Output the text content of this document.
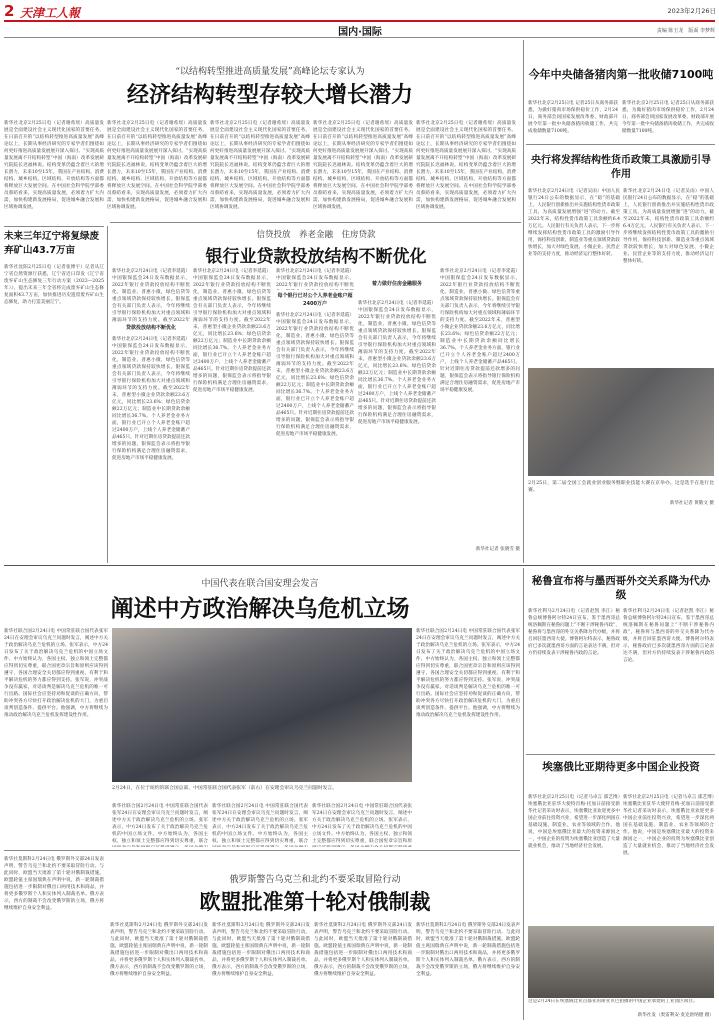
2 天津工人報	2023年2月26日
国内·国际	责编 陈玉龙　版面 李梦辉
“以结构转型推进高质量发展”高峰论坛专家认为
经济结构转型存较大增长潜力
新华社北京2月25日电（记者谢希瑶）高质量发展是全面建设社会主义现代化国家的首要任务。在日前召开的“以结构转型推进高质量发展”高峰论坛上，长期从事经济研究的专家学者们围绕如何更好推进高质量发展展开深入探讨。“实现高质量发展离不开结构转型”中国（海南）改革发展研究院院长迟福林说。结构变革仍蕴含着巨大的增长潜力，未来10至15年，我国在产业结构、消费结构、城乡结构、区域结构、开放结构等方面都将释放巨大发展空间。在中国社会科学院学部委员蔡昉看来，实现高质量发展，必须着力扩大内需，加快构建新发展格局，促进城乡融合发展和区域协调发展。
新华社北京2月25日电（记者谢希瑶）高质量发展是全面建设社会主义现代化国家的首要任务。在日前召开的“以结构转型推进高质量发展”高峰论坛上，长期从事经济研究的专家学者们围绕如何更好推进高质量发展展开深入探讨。“实现高质量发展离不开结构转型”中国（海南）改革发展研究院院长迟福林说。结构变革仍蕴含着巨大的增长潜力，未来10至15年，我国在产业结构、消费结构、城乡结构、区域结构、开放结构等方面都将释放巨大发展空间。在中国社会科学院学部委员蔡昉看来，实现高质量发展，必须着力扩大内需，加快构建新发展格局，促进城乡融合发展和区域协调发展。
新华社北京2月25日电（记者谢希瑶）高质量发展是全面建设社会主义现代化国家的首要任务。在日前召开的“以结构转型推进高质量发展”高峰论坛上，长期从事经济研究的专家学者们围绕如何更好推进高质量发展展开深入探讨。“实现高质量发展离不开结构转型”中国（海南）改革发展研究院院长迟福林说。结构变革仍蕴含着巨大的增长潜力，未来10至15年，我国在产业结构、消费结构、城乡结构、区域结构、开放结构等方面都将释放巨大发展空间。在中国社会科学院学部委员蔡昉看来，实现高质量发展，必须着力扩大内需，加快构建新发展格局，促进城乡融合发展和区域协调发展。
新华社北京2月25日电（记者谢希瑶）高质量发展是全面建设社会主义现代化国家的首要任务。在日前召开的“以结构转型推进高质量发展”高峰论坛上，长期从事经济研究的专家学者们围绕如何更好推进高质量发展展开深入探讨。“实现高质量发展离不开结构转型”中国（海南）改革发展研究院院长迟福林说。结构变革仍蕴含着巨大的增长潜力，未来10至15年，我国在产业结构、消费结构、城乡结构、区域结构、开放结构等方面都将释放巨大发展空间。在中国社会科学院学部委员蔡昉看来，实现高质量发展，必须着力扩大内需，加快构建新发展格局，促进城乡融合发展和区域协调发展。
新华社北京2月25日电（记者谢希瑶）高质量发展是全面建设社会主义现代化国家的首要任务。在日前召开的“以结构转型推进高质量发展”高峰论坛上，长期从事经济研究的专家学者们围绕如何更好推进高质量发展展开深入探讨。“实现高质量发展离不开结构转型”中国（海南）改革发展研究院院长迟福林说。结构变革仍蕴含着巨大的增长潜力，未来10至15年，我国在产业结构、消费结构、城乡结构、区域结构、开放结构等方面都将释放巨大发展空间。在中国社会科学院学部委员蔡昉看来，实现高质量发展，必须着力扩大内需，加快构建新发展格局，促进城乡融合发展和区域协调发展。
今年中央储备猪肉第一批收储7100吨
新华社北京2月25日电 记者25日从商务部获悉，为做好猪肉市场保供稳价工作，2月24日，商务部会同国家发展改革委、财政部开展今年第一批中央储备猪肉收储工作，共完成收储数量7100吨。
新华社北京2月25日电 记者25日从商务部获悉，为做好猪肉市场保供稳价工作，2月24日，商务部会同国家发展改革委、财政部开展今年第一批中央储备猪肉收储工作，共完成收储数量7100吨。
央行将发挥结构性货币政策工具激励引导作用
新华社北京2月24日电（记者吴雨）中国人民银行24日公布的数据显示，在“稳”的基础上，人民银行创新推出并实施结构性货币政策工具，为高质量发展增强“进”的动力。截至2022年末，结构性货币政策工具余额约6.4万亿元。人民银行有关负责人表示，下一步将继续发挥结构性货币政策工具的激励引导作用，保持科技创新、制造业等重点领域贷款较快增长，加大对绿色发展、小微企业、民营企业等的支持力度，推动经济运行整体好转。
新华社北京2月24日电（记者吴雨）中国人民银行24日公布的数据显示，在“稳”的基础上，人民银行创新推出并实施结构性货币政策工具，为高质量发展增强“进”的动力。截至2022年末，结构性货币政策工具余额约6.4万亿元。人民银行有关负责人表示，下一步将继续发挥结构性货币政策工具的激励引导作用，保持科技创新、制造业等重点领域贷款较快增长，加大对绿色发展、小微企业、民营企业等的支持力度，推动经济运行整体好转。
2月25日，第二届全国工会就业创业服务暨职业技能大赛在京举办。这是选手在进行比赛。
新华社记者 黄敬文 摄
未来三年辽宁将复绿废弃矿山43.7万亩
新华社沈阳2月25日电（记者张博宇）记者从辽宁省自然资源厅获悉，辽宁省近日印发《辽宁省废弃矿山生态修复三年行动方案（2023—2025年）》，提出未来三年全省将完成废弃矿山生态修复面积43.7万亩，加快推进历史遗留废弃矿山生态修复，助力打造美丽辽宁。
信贷投放　养老金融　住房贷款
银行业贷款投放结构不断优化
新华社北京2月24日电（记者李延霞）中国银保监会24日发布数据显示，2022年银行业贷款投放结构不断优化，制造业、普惠小微、绿色信贷等重点领域贷款保持较快增长。银保监会有关部门负责人表示，今年将继续引导银行保险机构加大对重点领域和薄弱环节的支持力度。截至2022年
贷款投放结构不断优化
新华社北京2月24日电（记者李延霞）中国银保监会24日发布数据显示，2022年银行业贷款投放结构不断优化，制造业、普惠小微、绿色信贷等重点领域贷款保持较快增长。银保监会有关部门负责人表示，今年将继续引导银行保险机构加大对重点领域和薄弱环节的支持力度。截至2022年末，普惠型小微企业贷款余额23.6万亿元，同比增长23.6%；绿色信贷余额22万亿元；制造业中长期贷款余额同比增长36.7%。个人养老金业务方面，银行业已开立个人养老金账户超过2400万户，上线个人养老金储蓄产品465只。针对近期住房贷款提前还款增多的问题，银保监会表示将指导银行保险机构满足合理住房融资需求，促进房地产市场平稳健康发展。
新华社北京2月24日电（记者李延霞）中国银保监会24日发布数据显示，2022年银行业贷款投放结构不断优化，制造业、普惠小微、绿色信贷等重点领域贷款保持较快增长。银保监会有关部门负责人表示，今年将继续引导银行保险机构加大对重点领域和薄弱环节的支持力度。截至2022年末，普惠型小微企业贷款余额23.6万亿元，同比增长23.6%；绿色信贷余额22万亿元；制造业中长期贷款余额同比增长36.7%。个人养老金业务方面，银行业已开立个人养老金账户超过2400万户，上线个人养老金储蓄产品465只。针对近期住房贷款提前还款增多的问题，银保监会表示将指导银行保险机构满足合理住房融资需求，促进房地产市场平稳健康发展。
每个银行已对公个人养老金账户超2400万户
新华社北京2月24日电（记者李延霞）中国银保监会24日发布数据显示，2022年银行业贷款投放结构不断优
新华社北京2月24日电（记者李延霞）中国银保监会24日发布数据显示，2022年银行业贷款投放结构不断优化，制造业、普惠小微、绿色信贷等重点领域贷款保持较快增长。银保监会有关部门负责人表示，今年将继续引导银行保险机构加大对重点领域和薄弱环节的支持力度。截至2022年末，普惠型小微企业贷款余额23.6万亿元，同比增长23.6%；绿色信贷余额22万亿元；制造业中长期贷款余额同比增长36.7%。个人养老金业务方面，银行业已开立个人养老金账户超过2400万户，上线个人养老金储蓄产品465只。针对近期住房贷款提前还款增多的问题，银保监会表示将指导银行保险机构满足合理住房融资需求，促进房地产市场平稳健康发展。
着力做好住房金融服务
新华社北京2月24日电（记者李延霞）中国银保监会24日发布数据显示，2022年银行业贷款投放结构不断优化，制造业、普惠小微、绿色信贷等重点领域贷款保持较快增长。银保监会有关部门负责人表示，今年将继续引导银行保险机构加大对重点领域和薄弱环节的支持力度。截至2022年末，普惠型小微企业贷款余额23.6万亿元，同比增长23.6%；绿色信贷余额22万亿元；制造业中长期贷款余额同比增长36.7%。个人养老金业务方面，银行业已开立个人养老金账户超过2400万户，上线个人养老金储蓄产品465只。针对近期住房贷款提前还款增多的问题，银保监会表示将指导银行保险机构满足合理住房融资需求，促进房地产市场平稳健康发展。
新华社北京2月24日电（记者李延霞）中国银保监会24日发布数据显示，2022年银行业贷款投放结构不断优化，制造业、普惠小微、绿色信贷等重点领域贷款保持较快增长。银保监会有关部门负责人表示，今年将继续引导银行保险机构加大对重点领域和薄弱环节的支持力度。截至2022年末，普惠型小微企业贷款余额23.6万亿元，同比增长23.6%；绿色信贷余额22万亿元；制造业中长期贷款余额同比增长36.7%。个人养老金业务方面，银行业已开立个人养老金账户超过2400万户，上线个人养老金储蓄产品465只。针对近期住房贷款提前还款增多的问题，银保监会表示将指导银行保险机构满足合理住房融资需求，促进房地产市场平稳健康发展。
新华社记者 张晓雪 摄
中国代表在联合国安理会发言
阐述中方政治解决乌危机立场
新华社联合国2月24日电 中国常驻联合国代表张军24日在安理会审议乌克兰问题时发言，阐述中方关于政治解决乌克兰危机的立场。张军表示，中方24日发布了关于政治解决乌克兰危机的中国立场文件。中方始终认为，各国主权、独立和领土完整都应得到切实尊重，联合国宪章宗旨和原则应该得到遵守，各国合理安全关切都应得到重视，有利于和平解决危机的努力都应得到支持。张军说，冲突战争没有赢家，对话谈判是解决乌克兰危机的唯一可行出路。国际社会应坚持劝和促谈的正确方向，帮助冲突各方尽快打开政治解决危机的大门，为重启谈判创造条件、提供平台。他强调，中方将继续为推动政治解决乌克兰危机发挥建设性作用。
2月24日，在位于纽约的联合国总部，中国常驻联合国代表张军（前右）在安理会审议乌克兰问题时发言。
新华社联合国2月24日电 中国常驻联合国代表张军24日在安理会审议乌克兰问题时发言，阐述中方关于政治解决乌克兰危机的立场。张军表示，中方24日发布了关于政治解决乌克兰危机的中国立场文件。中方始终认为，各国主权、独立和领土完整都应得到切实尊重，联合
新华社联合国2月24日电 中国常驻联合国代表张军24日在安理会审议乌克兰问题时发言，阐述中方关于政治解决乌克兰危机的立场。张军表示，中方24日发布了关于政治解决乌克兰危机的中国立场文件。中方始终认为，各国主权、独立和领土完整都应得到切实尊重，联合
新华社联合国2月24日电 中国常驻联合国代表张军24日在安理会审议乌克兰问题时发言，阐述中方关于政治解决乌克兰危机的立场。张军表示，中方24日发布了关于政治解决乌克兰危机的中国立场文件。中方始终认为，各国主权、独立和领土完整都应得到切实尊重，联合国宪章宗旨和原
新华社联合国2月24日电 中国常驻联合国代表张军24日在安理会审议乌克兰问题时发言，阐述中方关于政治解决乌克兰危机的立场。张军表示，中方24日发布了关于政治解决乌克兰危机的中国立场文件。中方始终认为，各国主权、独立和领土完整都应得到切实尊重，联合国宪章宗旨和原则应该得到遵守，各国合理安全关切都应得到重视，有利于和平解决危机的努力都应得到支持。张军说，冲突战争没有赢家，对话谈判是解决乌克兰危机的唯一可行出路。国际社会应坚持劝和促谈的正确方向，帮助冲突各方尽快打开政治解决危机的大门，为重启谈判创造条件、提供平台。他强调，中方将继续为推动政治解决乌克兰危机发挥建设性作用。
秘鲁宣布将与墨西哥外交关系降为代办级
新华社利马2月24日电（记者赵凯 李江）秘鲁总统博鲁阿尔特24日宣布，鉴于墨西哥总统洛佩斯在秘鲁问题上“不断干涉秘鲁内政”，秘鲁将与墨西哥的外交关系降为代办级，并将召回驻墨西哥大使。博鲁阿尔特表示，秘鲁政府已多次就墨西哥方面的言论表达不满，但对方仍持续发表干涉秘鲁内政的言论。
新华社利马2月24日电（记者赵凯 李江）秘鲁总统博鲁阿尔特24日宣布，鉴于墨西哥总统洛佩斯在秘鲁问题上“不断干涉秘鲁内政”，秘鲁将与墨西哥的外交关系降为代办级，并将召回驻墨西哥大使。博鲁阿尔特表示，秘鲁政府已多次就墨西哥方面的言论表达不满，但对方仍持续发表干涉秘鲁内政的言论。
埃塞俄比亚期待更多中国企业投资
新华社北京2月25日电（记者马卓言 邵艺博）埃塞俄比亚驻华大使特肖梅·托加日前接受新华社记者采访时表示，埃塞俄比亚欢迎更多中国企业前往投资兴业，希望进一步深化两国在基础设施、制造业、农业等领域的合作。他说，中国是埃塞俄比亚最大的投资来源国之一，中国企业的投资为埃塞俄比亚创造了大量就业机会，推动了当地经济社会发展。
新华社北京2月25日电（记者马卓言 邵艺博）埃塞俄比亚驻华大使特肖梅·托加日前接受新华社记者采访时表示，埃塞俄比亚欢迎更多中国企业前往投资兴业，希望进一步深化两国在基础设施、制造业、农业等领域的合作。他说，中国是埃塞俄比亚最大的投资来源国之一，中国企业的投资为埃塞俄比亚创造了大量就业机会，推动了当地经济社会发展。
这是2月24日在埃塞俄比亚首都亚的斯亚贝巴拍摄的中国企业承建的工业园区项目。
新华社发（奥雷利安·麦克唐纳德 摄）
俄罗斯警告乌克兰和北约不要采取冒险行动
欧盟批准第十轮对俄制裁
新华社莫斯科2月24日电 俄罗斯外交部24日发表声明，警告乌克兰和北约不要采取冒险行动。与此同时，欧盟当天批准了第十轮对俄制裁措施。欧盟轮值主席国瑞典在声明中说，新一轮制裁措施包括进一步限制对俄出口两用技术和商品，并将更多俄罗斯个人和实体列入制裁名单。俄方表示，西方的制裁不会改变俄罗斯的立场，俄方将继续维护自身安全利益。
新华社莫斯科2月24日电 俄罗斯外交部24日发表声明，警告乌克兰和北约不要采取冒险行动。与此同时，欧盟当天批准了第十轮对俄制裁措施。欧盟轮值主席国瑞典在声明中说，新一轮制裁措施包括进一步限制对俄出口两用技术和商品，并将更多俄罗斯个人和实体列入制裁名单。俄方表示，西方的制裁不会改变俄罗斯的立场，俄方将继续维护自身安全利益。
新华社莫斯科2月24日电 俄罗斯外交部24日发表声明，警告乌克兰和北约不要采取冒险行动。与此同时，欧盟当天批准了第十轮对俄制裁措施。欧盟轮值主席国瑞典在声明中说，新一轮制裁措施包括进一步限制对俄出口两用技术和商品，并将更多俄罗斯个人和实体列入制裁名单。俄方表示，西方的制裁不会改变俄罗斯的立场，俄方将继续维护自身安全利益。
新华社莫斯科2月24日电 俄罗斯外交部24日发表声明，警告乌克兰和北约不要采取冒险行动。与此同时，欧盟当天批准了第十轮对俄制裁措施。欧盟轮值主席国瑞典在声明中说，新一轮制裁措施包括进一步限制对俄出口两用技术和商品，并将更多俄罗斯个人和实体列入制裁名单。俄方表示，西方的制裁不会改变俄罗斯的立场，俄方将继续维护自身安全利益。
新华社莫斯科2月24日电 俄罗斯外交部24日发表声明，警告乌克兰和北约不要采取冒险行动。与此同时，欧盟当天批准了第十轮对俄制裁措施。欧盟轮值主席国瑞典在声明中说，新一轮制裁措施包括进一步限制对俄出口两用技术和商品，并将更多俄罗斯个人和实体列入制裁名单。俄方表示，西方的制裁不会改变俄罗斯的立场，俄方将继续维护自身安全利益。
